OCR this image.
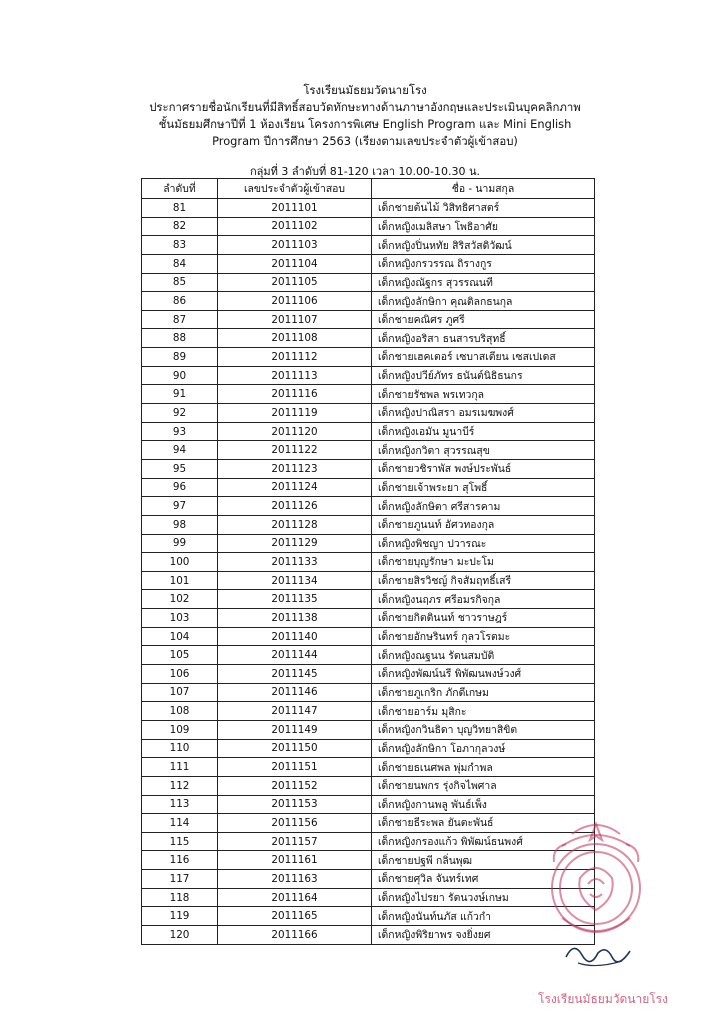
โรงเรียนมัธยมวัดนายโรง
ประกาศรายชื่อนักเรียนที่มีสิทธิ์สอบวัดทักษะทางด้านภาษาอังกฤษและประเมินบุคคลิกภาพ
ชั้นมัธยมศึกษาปีที่ 1 ห้องเรียน โครงการพิเศษ English Program และ Mini English
Program ปีการศึกษา 2563 (เรียงตามเลขประจำตัวผู้เข้าสอบ)
กลุ่มที่ 3 ลำดับที่ 81-120 เวลา 10.00-10.30 น.
ลำดับที่	เลขประจำตัวผู้เข้าสอบ	ชื่อ - นามสกุล
81	2011101	เด็กชายต้นไม้ วิสิทธิศาสตร์
82	2011102	เด็กหญิงเมลิสษา โพธิอาศัย
83	2011103	เด็กหญิงปิ่นหทัย สิริสวัสดิวัฒน์
84	2011104	เด็กหญิงกรวรรณ ถิรางกูร
85	2011105	เด็กหญิงณัฐกร สุวรรณนที
86	2011106	เด็กหญิงลักษิกา คุณติลกธนกุล
87	2011107	เด็กชายคณิศร ภูศรี
88	2011108	เด็กหญิงอริสา ธนสารบริสุทธิ์
89	2011112	เด็กชายเฮคเตอร์ เซบาสเตียน เซสเปเดส
90	2011113	เด็กหญิงปวีย์ภัทร ธนันต์นิธิธนกร
91	2011116	เด็กชายรัชพล พรเทวกุล
92	2011119	เด็กหญิงปาณิสรา อมรเมฆพงศ์
93	2011120	เด็กหญิงเอมัน มูนาบีร์
94	2011122	เด็กหญิงกวิตา สุวรรณสุข
95	2011123	เด็กชายวชิราพัส พงษ์ประพันธ์
96	2011124	เด็กชายเจ้าพระยา สุโพธิ์
97	2011126	เด็กหญิงลักษิตา ศรีสารคาม
98	2011128	เด็กชายภูนนท์ อัศวทองกุล
99	2011129	เด็กหญิงพิชญา ปวารณะ
100	2011133	เด็กชายบุญรักษา มะปะโม
101	2011134	เด็กชายสิรวิชญ์ กิจสัมฤทธิ์เสรี
102	2011135	เด็กหญิงนฤภร ศรีอมรกิจกุล
103	2011138	เด็กชายกิตตินนท์ ชาวราษฎร์
104	2011140	เด็กชายอักษรินทร์ กุลวโรตมะ
105	2011144	เด็กหญิงณฐนน รัตนสมบัติ
106	2011145	เด็กหญิงพัฒน์นรี พิพัฒนพงษ์วงศ์
107	2011146	เด็กชายภูเกริก ภักดีเกษม
108	2011147	เด็กชายอาร์ม มุสิกะ
109	2011149	เด็กหญิงกวินธิดา บุญวิทยาสิขิต
110	2011150	เด็กหญิงลักษิกา โอภากุลวงษ์
111	2011151	เด็กชายธเนศพล พุ่มกำพล
112	2011152	เด็กชายนพกร รุ่งกิจไพศาล
113	2011153	เด็กหญิงกานพลู พันธ์เพ็ง
114	2011156	เด็กชายธีระพล ยันตะพันธ์
115	2011157	เด็กหญิงกรองแก้ว พิพัฒน์ธนพงศ์
116	2011161	เด็กชายปฐพี กลิ่นพุฒ
117	2011163	เด็กชายศุวิล จันทร์เทศ
118	2011164	เด็กหญิงไปรยา รัตนวงษ์เกษม
119	2011165	เด็กหญิงนันท์นภัส แก้วกำ
120	2011166	เด็กหญิงพิริยาพร จงยิ่งยศ
โรงเรียนมัธยมวัดนายโรง
